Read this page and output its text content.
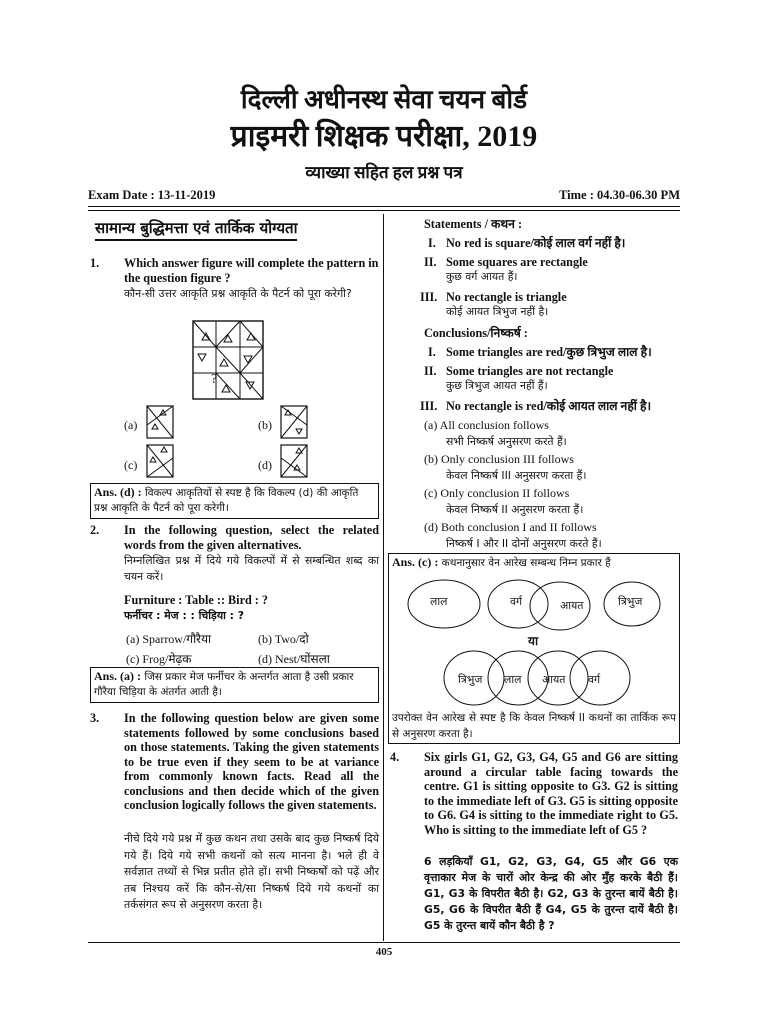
दिल्ली अधीनस्थ सेवा चयन बोर्ड
प्राइमरी शिक्षक परीक्षा, 2019
व्याख्या सहित हल प्रश्न पत्र
Exam Date : 13-11-2019	Time : 04.30-06.30 PM
सामान्य बुद्धिमत्ता एवं तार्किक योग्यता
1. Which answer figure will complete the pattern in the question figure ?
कौन-सी उत्तर आकृति प्रश्न आकृति के पैटर्न को पूरा करेगी?
?
(a)	(b)
(c)	(d)
Ans. (d) : विकल्प आकृतियों से स्पष्ट है कि विकल्प (d) की आकृति प्रश्न आकृति के पैटर्न को पूरा करेगी।
2. In the following question, select the related words from the given alternatives.
निम्नलिखित प्रश्न में दिये गये विकल्पों में से सम्बन्धित शब्द का चयन करें।
Furniture : Table :: Bird : ?
फर्नीचर : मेज : : चिड़िया : ?
(a) Sparrow/गौरैया	(b) Two/दो
(c) Frog/मेढ़क	(d) Nest/घोंसला
Ans. (a) : जिस प्रकार मेज फर्नीचर के अन्तर्गत आता है उसी प्रकार गौरैया चिड़िया के अंतर्गत आती है।
3. In the following question below are given some statements followed by some conclusions based on those statements. Taking the given statements to be true even if they seem to be at variance from commonly known facts. Read all the conclusions and then decide which of the given conclusion logically follows the given statements.
नीचे दिये गये प्रश्न में कुछ कथन तथा उसके बाद कुछ निष्कर्ष दिये गये हैं। दिये गये सभी कथनों को सत्य मानना है। भले ही वे सर्वज्ञात तथ्यों से भिन्न प्रतीत होते हों। सभी निष्कर्षों को पढ़ें और तब निश्चय करें कि कौन-से/सा निष्कर्ष दिये गये कथनों का तर्कसंगत रूप से अनुसरण करता है।
Statements / कथन :
I. No red is square/कोई लाल वर्ग नहीं है।
II. Some squares are rectangle
कुछ वर्ग आयत हैं।
III. No rectangle is triangle
कोई आयत त्रिभुज नहीं है।
Conclusions/निष्कर्ष :
I. Some triangles are red/कुछ त्रिभुज लाल है।
II. Some triangles are not rectangle
कुछ त्रिभुज आयत नहीं हैं।
III. No rectangle is red/कोई आयत लाल नहीं है।
(a) All conclusion follows
सभी निष्कर्ष अनुसरण करते हैं।
(b) Only conclusion III follows
केवल निष्कर्ष III अनुसरण करता हैं।
(c) Only conclusion II follows
केवल निष्कर्ष II अनुसरण करता हैं।
(d) Both conclusion I and II follows
निष्कर्ष I और II दोनों अनुसरण करते हैं।
Ans. (c) : कथनानुसार वेन आरेख सम्बन्ध निम्न प्रकार हैं
लाल	वर्ग	आयत	त्रिभुज
या
त्रिभुज लाल आयत वर्ग
उपरोक्त वेन आरेख से स्पष्ट है कि केवल निष्कर्ष II कथनों का तार्किक रूप से अनुसरण करता है।
4. Six girls G1, G2, G3, G4, G5 and G6 are sitting around a circular table facing towards the centre. G1 is sitting opposite to G3. G2 is sitting to the immediate left of G3. G5 is sitting opposite to G6. G4 is sitting to the immediate right to G5. Who is sitting to the immediate left of G5 ?
6 लड़कियाँ G1, G2, G3, G4, G5 और G6 एक वृत्ताकार मेज के चारों ओर केन्द्र की ओर मुँह करके बैठी हैं। G1, G3 के विपरीत बैठी है। G2, G3 के तुरन्त बायें बैठी है। G5, G6 के विपरीत बैठी हैं G4, G5 के तुरन्त दायें बैठी है। G5 के तुरन्त बायें कौन बैठी है ?
405
